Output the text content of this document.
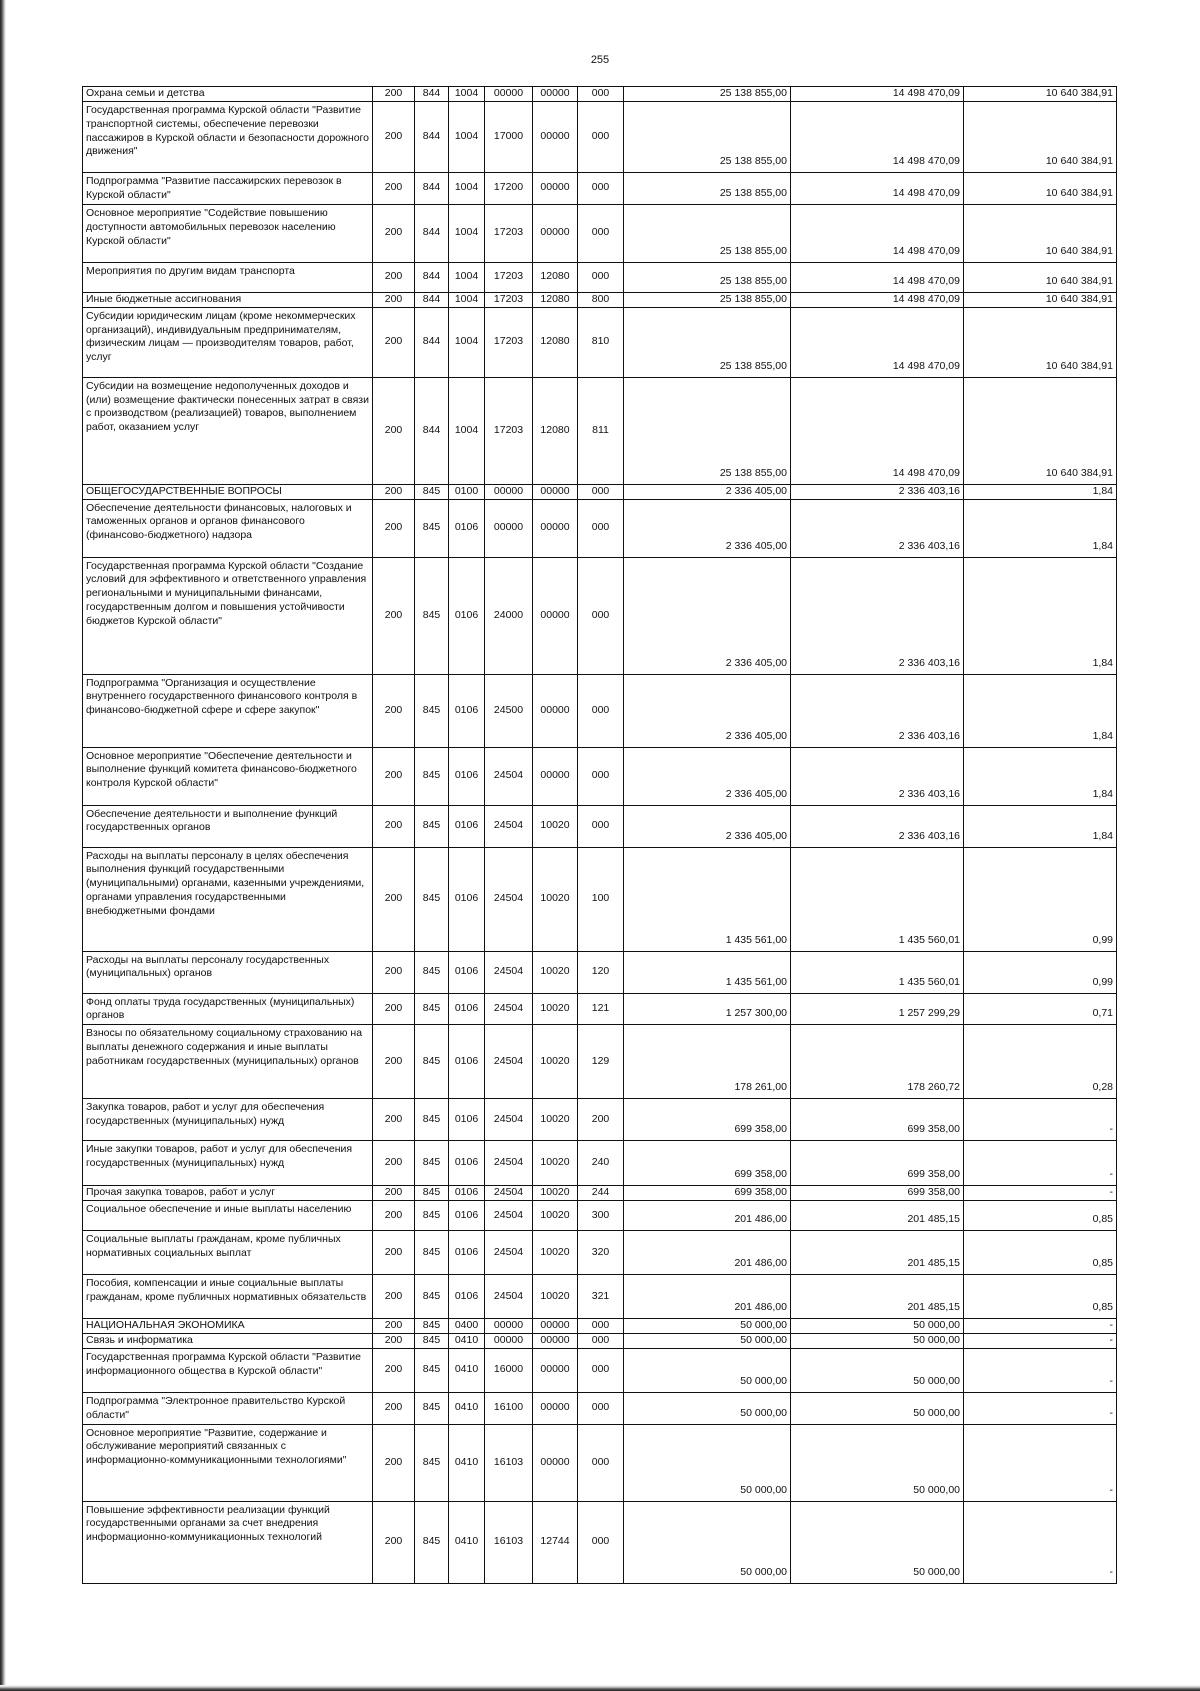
255
Охрана семьи и детства	200	844	1004	00000	00000	000	25 138 855,00	14 498 470,09	10 640 384,91
Государственная программа Курской области "Развитие транспортной системы, обеспечение перевозки пассажиров в Курской области и безопасности дорожного движения"	200	844	1004	17000	00000	000	25 138 855,00	14 498 470,09	10 640 384,91
Подпрограмма "Развитие пассажирских перевозок в Курской области"	200	844	1004	17200	00000	000	25 138 855,00	14 498 470,09	10 640 384,91
Основное мероприятие "Содействие повышению доступности автомобильных перевозок населению Курской области"	200	844	1004	17203	00000	000	25 138 855,00	14 498 470,09	10 640 384,91
Мероприятия по другим видам транспорта	200	844	1004	17203	12080	000	25 138 855,00	14 498 470,09	10 640 384,91
Иные бюджетные ассигнования	200	844	1004	17203	12080	800	25 138 855,00	14 498 470,09	10 640 384,91
Субсидии юридическим лицам (кроме некоммерческих организаций), индивидуальным предпринимателям, физическим лицам — производителям товаров, работ, услуг	200	844	1004	17203	12080	810	25 138 855,00	14 498 470,09	10 640 384,91
Субсидии на возмещение недополученных доходов и (или) возмещение фактически понесенных затрат в связи с производством (реализацией) товаров, выполнением работ, оказанием услуг	200	844	1004	17203	12080	811	25 138 855,00	14 498 470,09	10 640 384,91
ОБЩЕГОСУДАРСТВЕННЫЕ ВОПРОСЫ	200	845	0100	00000	00000	000	2 336 405,00	2 336 403,16	1,84
Обеспечение деятельности финансовых, налоговых и таможенных органов и органов финансового (финансово-бюджетного) надзора	200	845	0106	00000	00000	000	2 336 405,00	2 336 403,16	1,84
Государственная программа Курской области "Создание условий для эффективного и ответственного управления региональными и муниципальными финансами, государственным долгом и повышения устойчивости бюджетов Курской области"	200	845	0106	24000	00000	000	2 336 405,00	2 336 403,16	1,84
Подпрограмма "Организация и осуществление внутреннего государственного финансового контроля в финансово-бюджетной сфере и сфере закупок"	200	845	0106	24500	00000	000	2 336 405,00	2 336 403,16	1,84
Основное мероприятие "Обеспечение деятельности и выполнение функций комитета финансово-бюджетного контроля Курской области"	200	845	0106	24504	00000	000	2 336 405,00	2 336 403,16	1,84
Обеспечение деятельности и выполнение функций государственных органов	200	845	0106	24504	10020	000	2 336 405,00	2 336 403,16	1,84
Расходы на выплаты персоналу в целях обеспечения выполнения функций государственными (муниципальными) органами, казенными учреждениями, органами управления государственными внебюджетными фондами	200	845	0106	24504	10020	100	1 435 561,00	1 435 560,01	0,99
Расходы на выплаты персоналу государственных (муниципальных) органов	200	845	0106	24504	10020	120	1 435 561,00	1 435 560,01	0,99
Фонд оплаты труда государственных (муниципальных) органов	200	845	0106	24504	10020	121	1 257 300,00	1 257 299,29	0,71
Взносы по обязательному социальному страхованию на выплаты денежного содержания и иные выплаты работникам государственных (муниципальных) органов	200	845	0106	24504	10020	129	178 261,00	178 260,72	0,28
Закупка товаров, работ и услуг для обеспечения государственных (муниципальных) нужд	200	845	0106	24504	10020	200	699 358,00	699 358,00	-
Иные закупки товаров, работ и услуг для обеспечения государственных (муниципальных) нужд	200	845	0106	24504	10020	240	699 358,00	699 358,00	-
Прочая закупка товаров, работ и услуг	200	845	0106	24504	10020	244	699 358,00	699 358,00	-
Социальное обеспечение и иные выплаты населению	200	845	0106	24504	10020	300	201 486,00	201 485,15	0,85
Социальные выплаты гражданам, кроме публичных нормативных социальных выплат	200	845	0106	24504	10020	320	201 486,00	201 485,15	0,85
Пособия, компенсации и иные социальные выплаты гражданам, кроме публичных нормативных обязательств	200	845	0106	24504	10020	321	201 486,00	201 485,15	0,85
НАЦИОНАЛЬНАЯ ЭКОНОМИКА	200	845	0400	00000	00000	000	50 000,00	50 000,00	-
Связь и информатика	200	845	0410	00000	00000	000	50 000,00	50 000,00	-
Государственная программа Курской области "Развитие информационного общества в Курской области"	200	845	0410	16000	00000	000	50 000,00	50 000,00	-
Подпрограмма "Электронное правительство Курской области"	200	845	0410	16100	00000	000	50 000,00	50 000,00	-
Основное мероприятие "Развитие, содержание и обслуживание мероприятий связанных с информационно-коммуникационными технологиями"	200	845	0410	16103	00000	000	50 000,00	50 000,00	-
Повышение эффективности реализации функций государственными органами за счет внедрения информационно-коммуникационных технологий	200	845	0410	16103	12744	000	50 000,00	50 000,00	-
